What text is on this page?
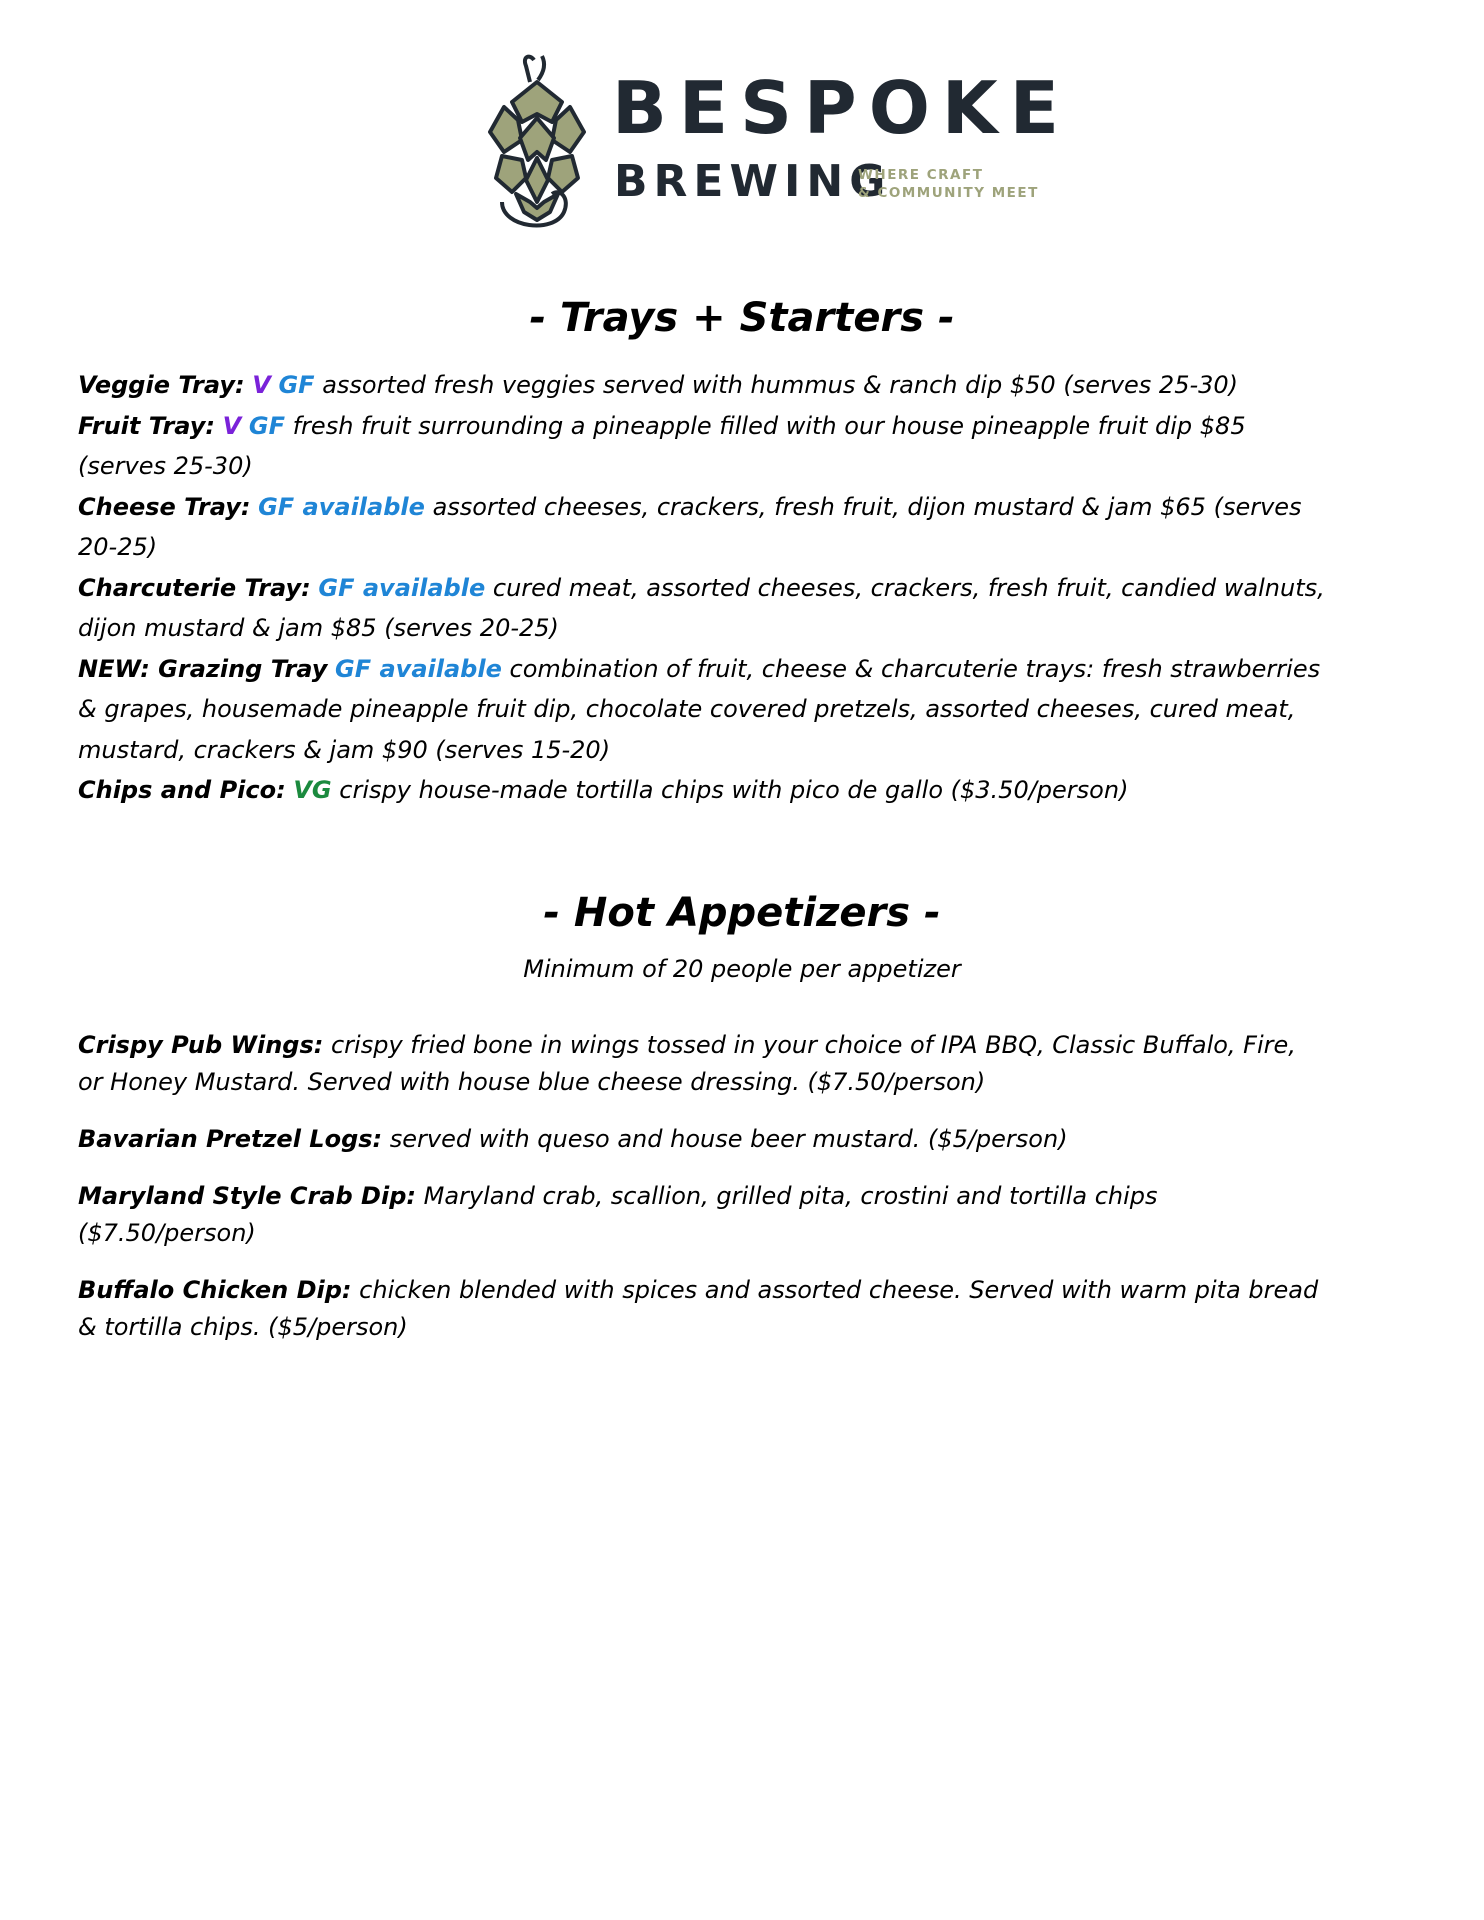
BESPOKE
BREWING
WHERE CRAFT
& COMMUNITY MEET
- Trays + Starters -

Veggie Tray: V GF assorted fresh veggies served with hummus & ranch dip $50 (serves 25-30)

Fruit Tray: V GF fresh fruit surrounding a pineapple filled with our house pineapple fruit dip $85 (serves 25-30)

Cheese Tray: GF available assorted cheeses, crackers, fresh fruit, dijon mustard & jam $65 (serves 20-25)

Charcuterie Tray: GF available cured meat, assorted cheeses, crackers, fresh fruit, candied walnuts, dijon mustard & jam $85 (serves 20-25)

NEW: Grazing Tray GF available combination of fruit, cheese & charcuterie trays: fresh strawberries & grapes, housemade pineapple fruit dip, chocolate covered pretzels, assorted cheeses, cured meat, mustard, crackers & jam $90 (serves 15-20)

Chips and Pico: VG crispy house-made tortilla chips with pico de gallo ($3.50/person)

- Hot Appetizers -

Minimum of 20 people per appetizer

Crispy Pub Wings: crispy fried bone in wings tossed in your choice of IPA BBQ, Classic Buffalo, Fire, or Honey Mustard. Served with house blue cheese dressing. ($7.50/person)

Bavarian Pretzel Logs: served with queso and house beer mustard. ($5/person)

Maryland Style Crab Dip: Maryland crab, scallion, grilled pita, crostini and tortilla chips ($7.50/person)

Buffalo Chicken Dip: chicken blended with spices and assorted cheese. Served with warm pita bread & tortilla chips. ($5/person)
